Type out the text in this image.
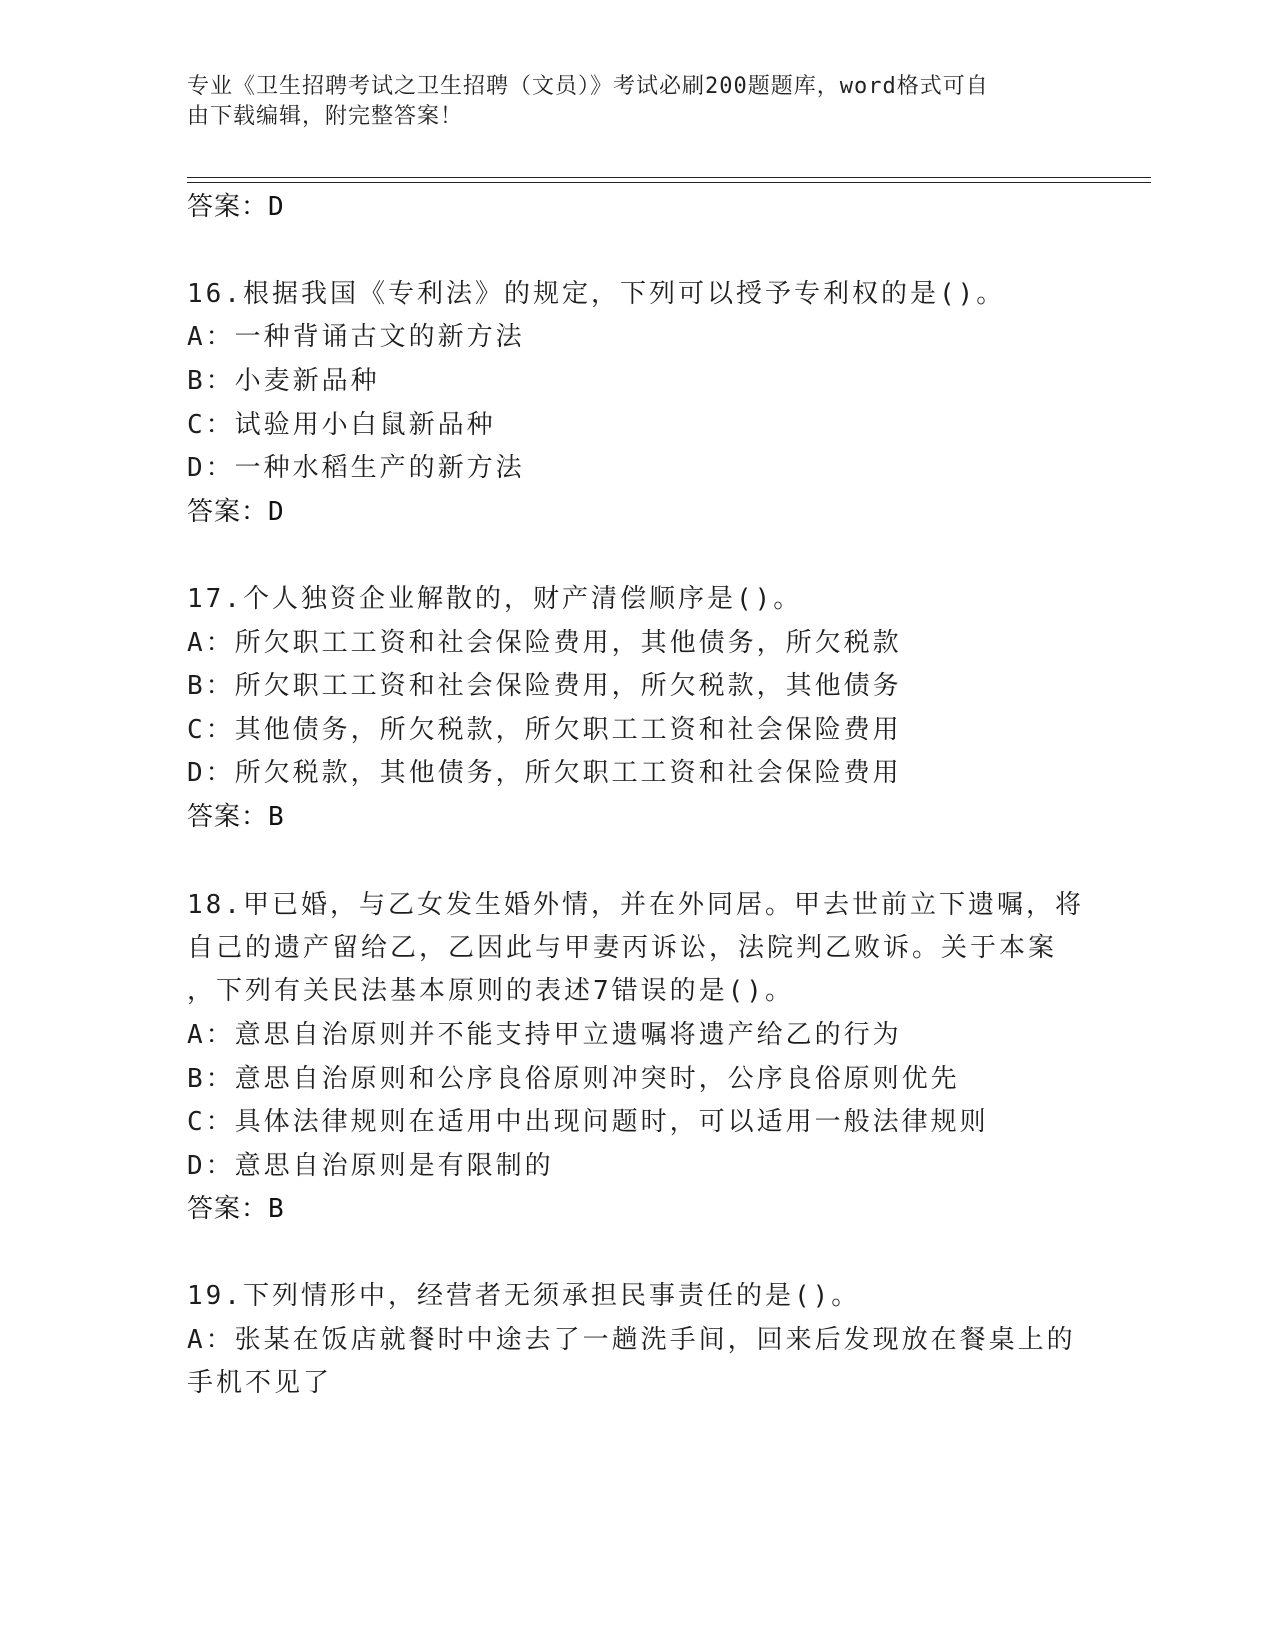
专业《卫生招聘考试之卫生招聘（文员）》考试必刷200题题库，word格式可自
由下载编辑，附完整答案！
答案：D
16.根据我国《专利法》的规定，下列可以授予专利权的是()。
A：一种背诵古文的新方法
B：小麦新品种
C：试验用小白鼠新品种
D：一种水稻生产的新方法
答案：D
17.个人独资企业解散的，财产清偿顺序是()。
A：所欠职工工资和社会保险费用，其他债务，所欠税款
B：所欠职工工资和社会保险费用，所欠税款，其他债务
C：其他债务，所欠税款，所欠职工工资和社会保险费用
D：所欠税款，其他债务，所欠职工工资和社会保险费用
答案：B
18.甲已婚，与乙女发生婚外情，并在外同居。甲去世前立下遗嘱，将
自己的遗产留给乙，乙因此与甲妻丙诉讼，法院判乙败诉。关于本案
，下列有关民法基本原则的表述7错误的是()。
A：意思自治原则并不能支持甲立遗嘱将遗产给乙的行为
B：意思自治原则和公序良俗原则冲突时，公序良俗原则优先
C：具体法律规则在适用中出现问题时，可以适用一般法律规则
D：意思自治原则是有限制的
答案：B
19.下列情形中，经营者无须承担民事责任的是()。
A：张某在饭店就餐时中途去了一趟洗手间，回来后发现放在餐桌上的
手机不见了
